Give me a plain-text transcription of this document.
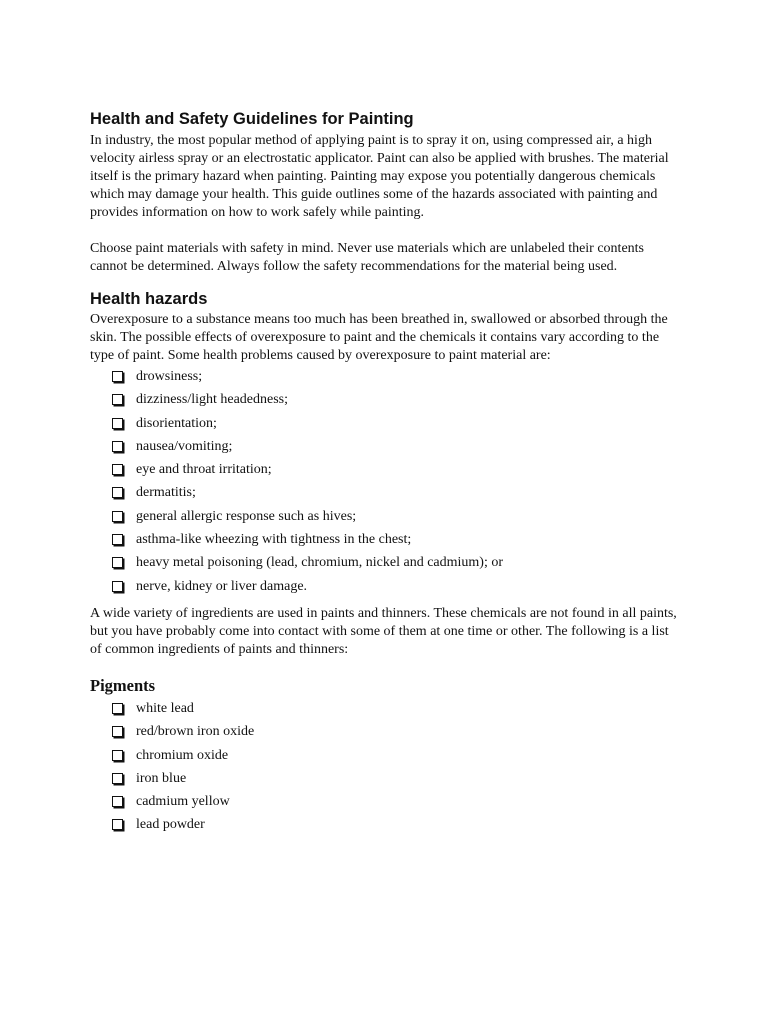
Health and Safety Guidelines for Painting

In industry, the most popular method of applying paint is to spray it on, using compressed air, a high velocity airless spray or an electrostatic applicator. Paint can also be applied with brushes. The material itself is the primary hazard when painting. Painting may expose you potentially dangerous chemicals which may damage your health. This guide outlines some of the hazards associated with painting and provides information on how to work safely while painting.

Choose paint materials with safety in mind. Never use materials which are unlabeled their contents cannot be determined. Always follow the safety recommendations for the material being used.

Health hazards

Overexposure to a substance means too much has been breathed in, swallowed or absorbed through the skin. The possible effects of overexposure to paint and the chemicals it contains vary according to the type of paint. Some health problems caused by overexposure to paint material are:

drowsiness;
dizziness/light headedness;
disorientation;
nausea/vomiting;
eye and throat irritation;
dermatitis;
general allergic response such as hives;
asthma-like wheezing with tightness in the chest;
heavy metal poisoning (lead, chromium, nickel and cadmium); or
nerve, kidney or liver damage.

A wide variety of ingredients are used in paints and thinners. These chemicals are not found in all paints, but you have probably come into contact with some of them at one time or other. The following is a list of common ingredients of paints and thinners:

Pigments
white lead
red/brown iron oxide
chromium oxide
iron blue
cadmium yellow
lead powder
